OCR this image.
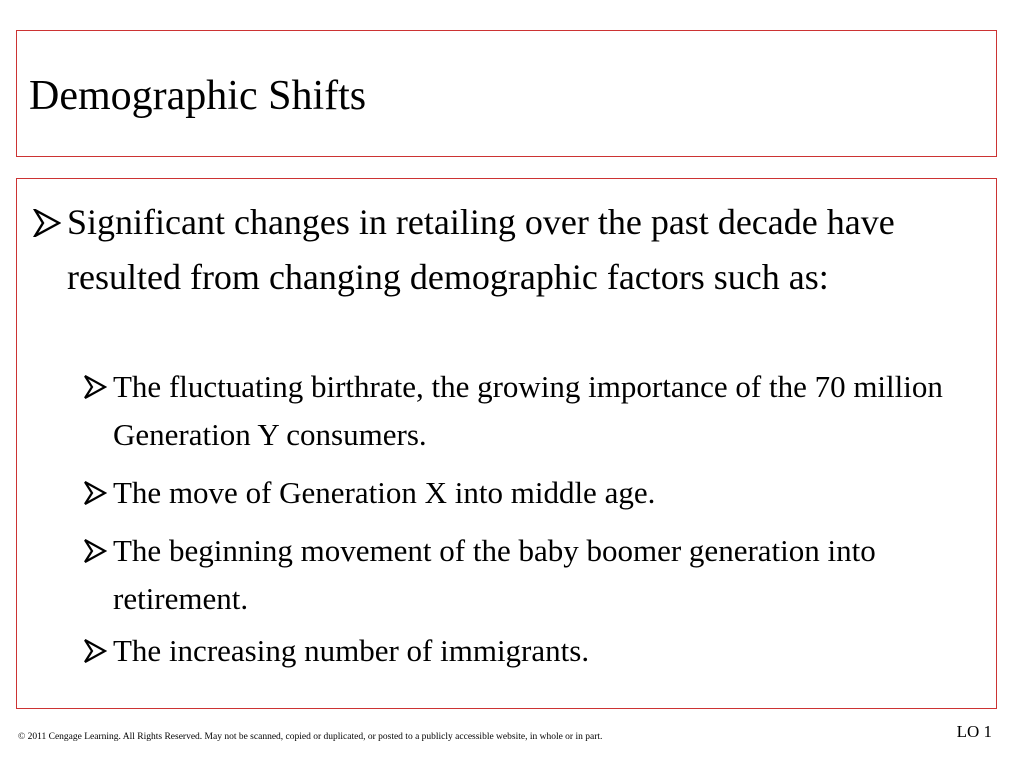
Demographic Shifts
Significant changes in retailing over the past decade have resulted from changing demographic factors such as:
The fluctuating birthrate, the growing importance of the 70 million Generation Y consumers.
The move of Generation X into middle age.
The beginning movement of the baby boomer generation into retirement.
The increasing number of immigrants.
© 2011 Cengage Learning. All Rights Reserved. May not be scanned, copied or duplicated, or posted to a publicly accessible website, in whole or in part.	LO 1
